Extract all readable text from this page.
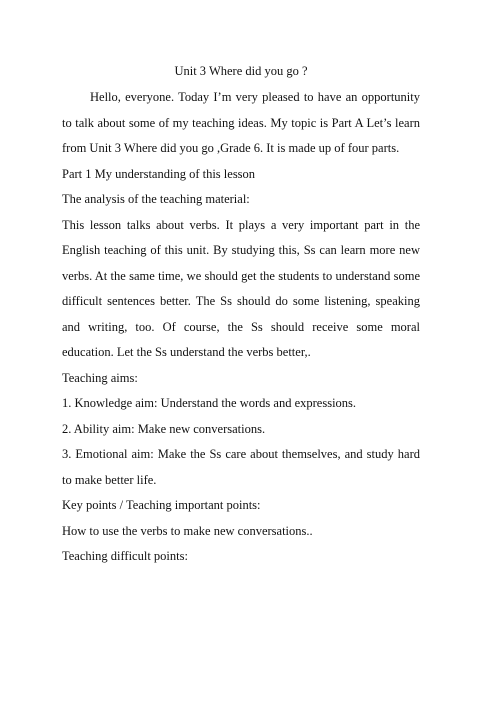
Unit 3 Where did you go ?

Hello, everyone. Today I’m very pleased to have an opportunity to talk about some of my teaching ideas. My topic is Part A Let’s learn from Unit 3 Where did you go ,Grade 6. It is made up of four parts.

Part 1 My understanding of this lesson

The analysis of the teaching material:

This lesson talks about verbs. It plays a very important part in the English teaching of this unit. By studying this, Ss can learn more new verbs. At the same time, we should get the students to understand some difficult sentences better. The Ss should do some listening, speaking and writing, too. Of course, the Ss should receive some moral education. Let the Ss understand the verbs better,.

Teaching aims:

1. Knowledge aim: Understand the words and expressions.

2. Ability aim: Make new conversations.

3. Emotional aim: Make the Ss care about themselves, and study hard to make better life.

Key points / Teaching important points:

How to use the verbs to make new conversations..

Teaching difficult points:
